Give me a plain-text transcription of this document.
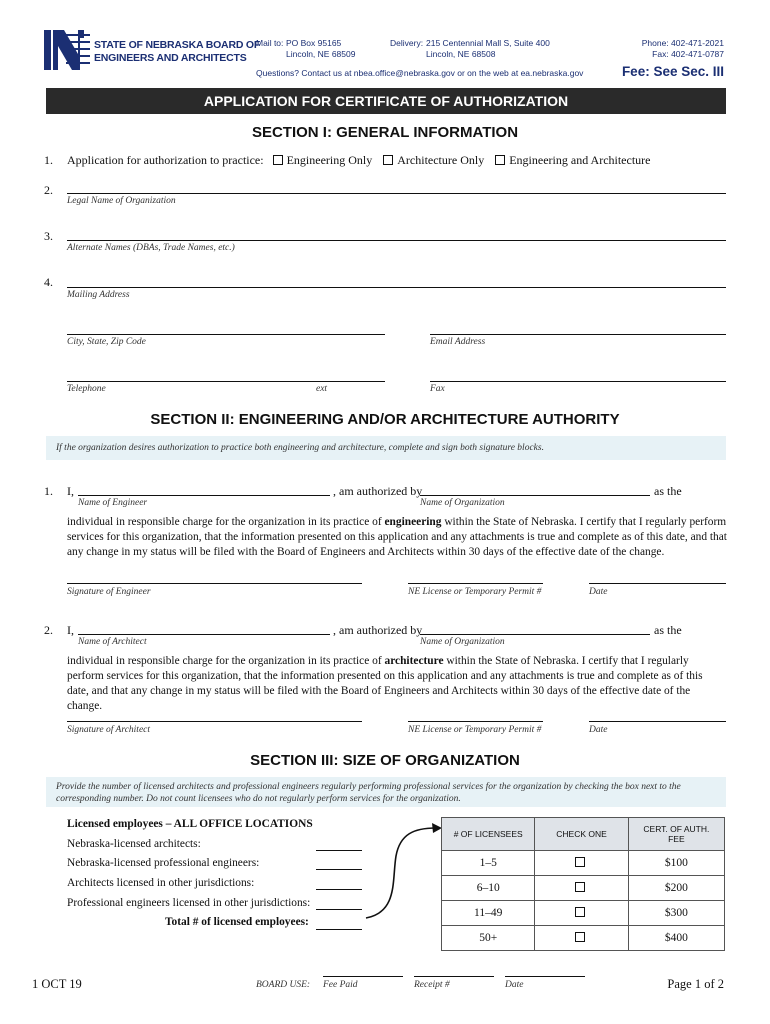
STATE OF NEBRASKA BOARD OF
ENGINEERS AND ARCHITECTS
Mail to: PO Box 95165
Lincoln, NE 68509
Delivery: 215 Centennial Mall S, Suite 400
Lincoln, NE 68508
Phone: 402-471-2021
Fax: 402-471-0787
Questions? Contact us at nbea.office@nebraska.gov or on the web at ea.nebraska.gov	Fee: See Sec. III
APPLICATION FOR CERTIFICATE OF AUTHORIZATION
SECTION I: GENERAL INFORMATION
1. Application for authorization to practice: Engineering Only Architecture Only Engineering and Architecture
2.
Legal Name of Organization
3.
Alternate Names (DBAs, Trade Names, etc.)
4.
Mailing Address
City, State, Zip Code	Email Address
Telephone	ext	Fax
SECTION II: ENGINEERING AND/OR ARCHITECTURE AUTHORITY
If the organization desires authorization to practice both engineering and architecture, complete and sign both signature blocks.
1. I,	, am authorized by	as the
Name of Engineer	Name of Organization
individual in responsible charge for the organization in its practice of engineering within the State of Nebraska. I certify that I regularly perform services for this organization, that the information presented on this application and any attachments is true and complete as of this date, and that any change in my status will be filed with the Board of Engineers and Architects within 30 days of the effective date of the change.
Signature of Engineer	NE License or Temporary Permit #	Date
2. I,	, am authorized by	as the
Name of Architect	Name of Organization
individual in responsible charge for the organization in its practice of architecture within the State of Nebraska. I certify that I regularly perform services for this organization, that the information presented on this application and any attachments is true and complete as of this date, and that any change in my status will be filed with the Board of Engineers and Architects within 30 days of the effective date of the change.
Signature of Architect	NE License or Temporary Permit #	Date
SECTION III: SIZE OF ORGANIZATION
Provide the number of licensed architects and professional engineers regularly performing professional services for the organization by checking the box next to the corresponding number. Do not count licensees who do not regularly perform services for the organization.
Licensed employees – ALL OFFICE LOCATIONS
Nebraska-licensed architects:
Nebraska-licensed professional engineers:
Architects licensed in other jurisdictions:
Professional engineers licensed in other jurisdictions:
Total # of licensed employees:
# OF LICENSEES	CHECK ONE	CERT. OF AUTH. FEE
1–5		$100
6–10		$200
11–49		$300
50+		$400
1 OCT 19	BOARD USE: Fee Paid	Receipt #	Date	Page 1 of 2
